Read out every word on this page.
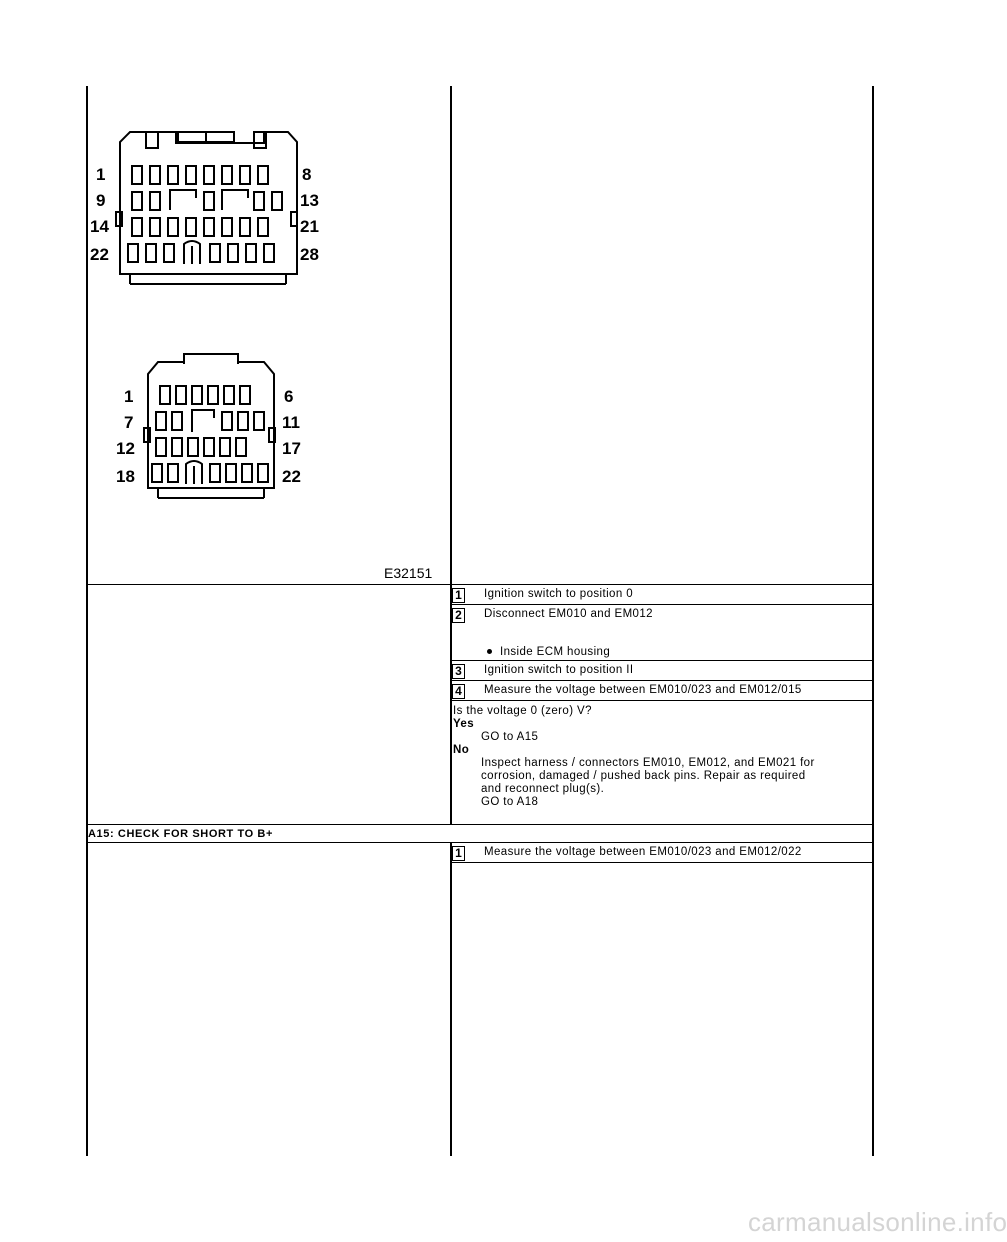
1
9
14
22
8
13
21
28
1
7
12
18
6
11
17
22
E32151
1 Ignition switch to position 0
2 Disconnect EM010 and EM012
Inside ECM housing
3 Ignition switch to position II
4 Measure the voltage between EM010/023 and EM012/015
Is the voltage 0 (zero) V?
Yes
GO to A15
No
Inspect harness / connectors EM010, EM012, and EM021 for
corrosion, damaged / pushed back pins. Repair as required
and reconnect plug(s).
GO to A18
A15: CHECK FOR SHORT TO B+
1 Measure the voltage between EM010/023 and EM012/022
carmanualsonline.info
